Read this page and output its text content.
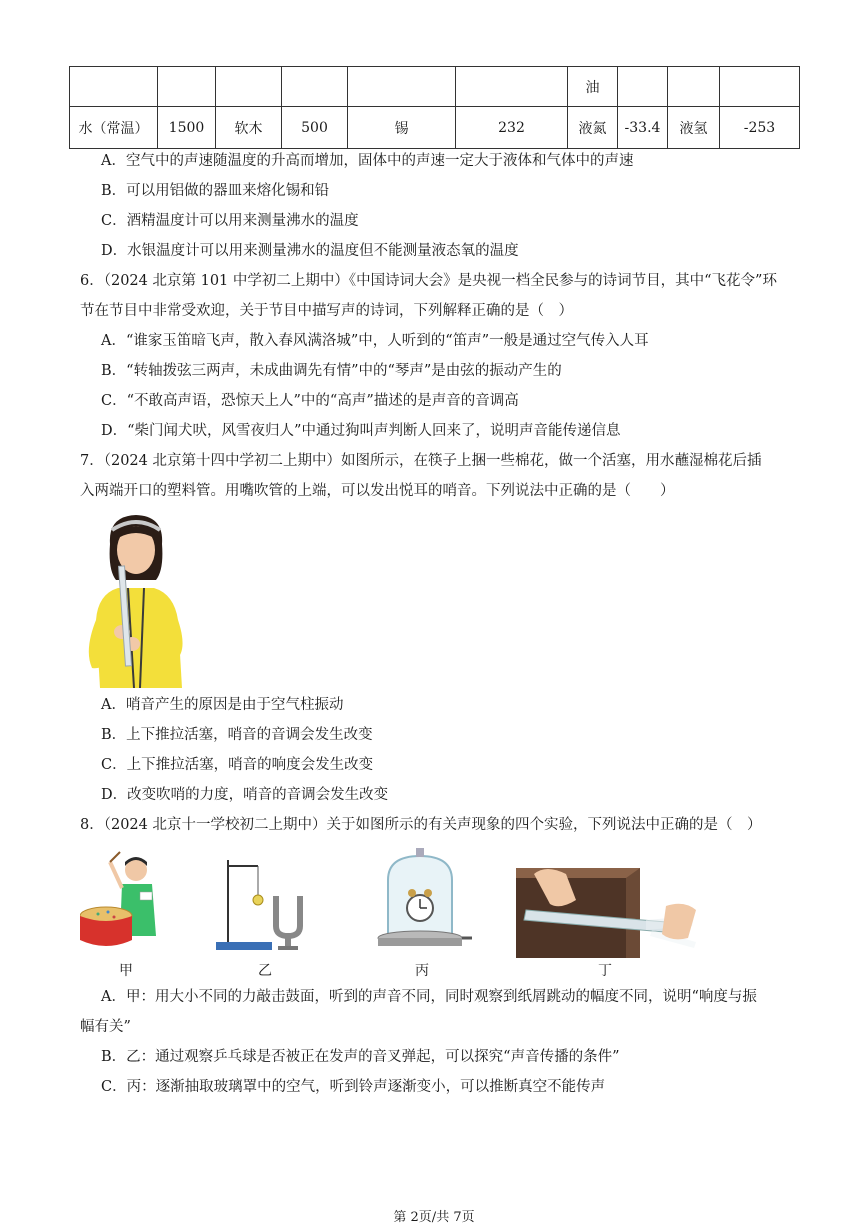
						油			
水（常温）	1500	软木	500	锡	232	液氮	-33.4	液氢	-253
A．空气中的声速随温度的升高而增加，固体中的声速一定大于液体和气体中的声速
B．可以用铝做的器皿来熔化锡和铅
C．酒精温度计可以用来测量沸水的温度
D．水银温度计可以用来测量沸水的温度但不能测量液态氧的温度
6．（2024 北京第 101 中学初二上期中）《中国诗词大会》是央视一档全民参与的诗词节目，其中“飞花令”环
节在节目中非常受欢迎，关于节目中描写声的诗词，下列解释正确的是（　）
A．“谁家玉笛暗飞声，散入春风满洛城”中，人听到的“笛声”一般是通过空气传入人耳
B．“转轴拨弦三两声，未成曲调先有情”中的“琴声”是由弦的振动产生的
C．“不敢高声语，恐惊天上人”中的“高声”描述的是声音的音调高
D．“柴门闻犬吠，风雪夜归人”中通过狗叫声判断人回来了，说明声音能传递信息
7．（2024 北京第十四中学初二上期中）如图所示，在筷子上捆一些棉花，做一个活塞，用水蘸湿棉花后插
入两端开口的塑料管。用嘴吹管的上端，可以发出悦耳的哨音。下列说法中正确的是（　　）
A．哨音产生的原因是由于空气柱振动
B．上下推拉活塞，哨音的音调会发生改变
C．上下推拉活塞，哨音的响度会发生改变
D．改变吹哨的力度，哨音的音调会发生改变
8．（2024 北京十一学校初二上期中）关于如图所示的有关声现象的四个实验，下列说法中正确的是（　）
甲	乙	丙	丁
A．甲：用大小不同的力敲击鼓面，听到的声音不同，同时观察到纸屑跳动的幅度不同，说明“响度与振
幅有关”
B．乙：通过观察乒乓球是否被正在发声的音叉弹起，可以探究“声音传播的条件”
C．丙：逐渐抽取玻璃罩中的空气，听到铃声逐渐变小，可以推断真空不能传声
第 2页/共 7页
